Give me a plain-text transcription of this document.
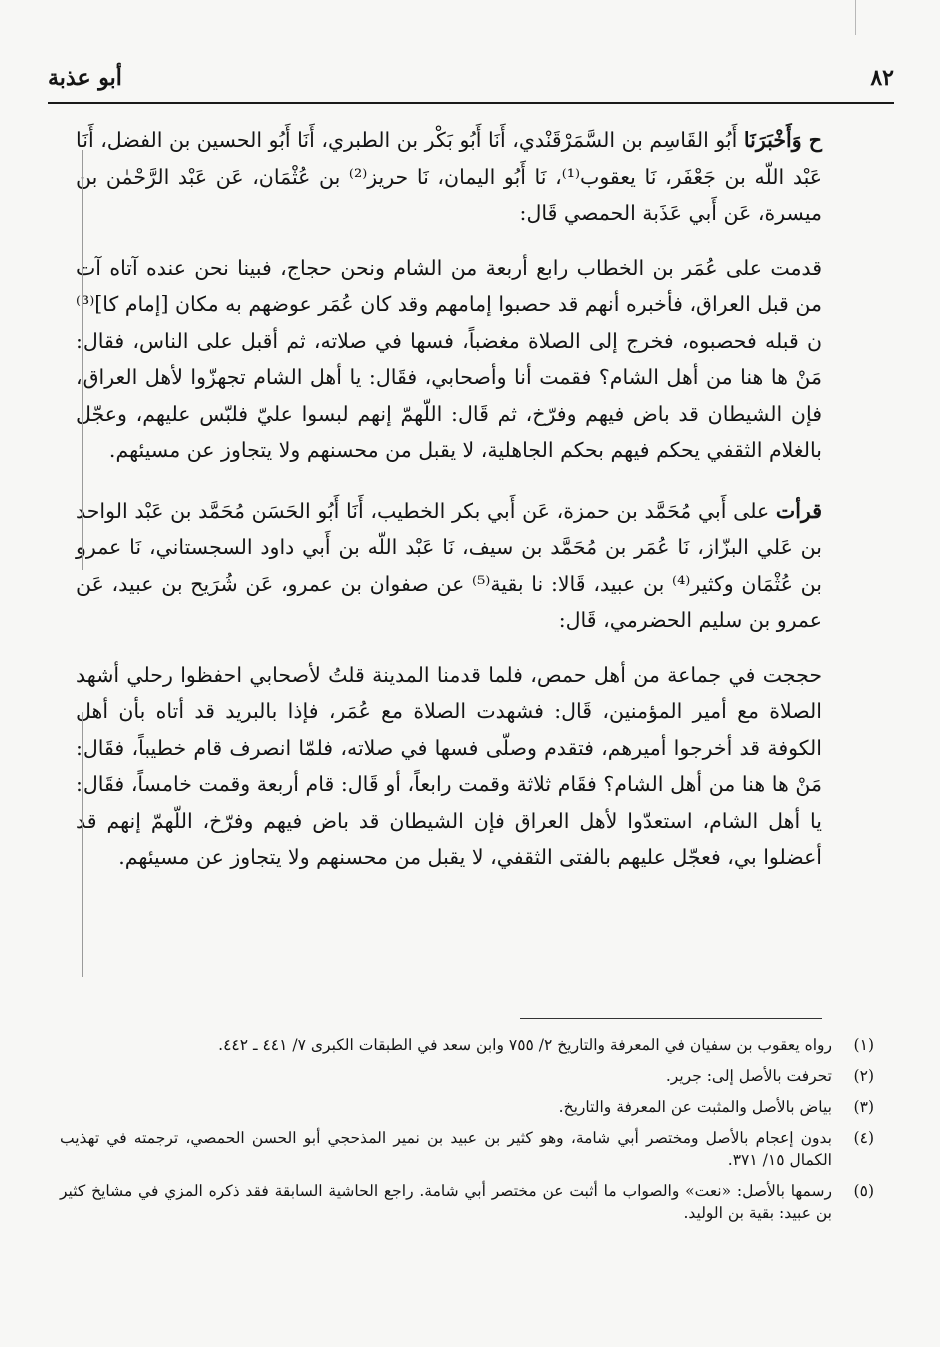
٨٢
أبو عذبة

ح وَأَخْبَرَنَا أَبُو القَاسِم بن السَّمَرْقَنْدي، أَنَا أَبُو بَكْر بن الطبري، أَنَا أَبُو الحسين بن الفضل، أَنَا عَبْد اللّه بن جَعْفَر، نَا يعقوب⁽¹⁾، نَا أَبُو اليمان، نَا حريز⁽²⁾ بن عُثْمَان، عَن عَبْد الرَّحْمٰن بن ميسرة، عَن أَبي عَذَبة الحمصي قَال:

قدمت على عُمَر بن الخطاب رابع أربعة من الشام ونحن حجاج، فبينا نحن عنده آتاه آت من قبل العراق، فأخبره أنهم قد حصبوا إمامهم وقد كان عُمَر عوضهم به مكان [إمام كا]⁽³⁾ن قبله فحصبوه، فخرج إلى الصلاة مغضباً، فسها في صلاته، ثم أقبل على الناس، فقال: مَنْ ها هنا من أهل الشام؟ فقمت أنا وأصحابي، فقَال: يا أهل الشام تجهزّوا لأهل العراق، فإن الشيطان قد باض فيهم وفرّخ، ثم قَال: اللّهمّ إنهم لبسوا عليّ فلبّس عليهم، وعجّل بالغلام الثقفي يحكم فيهم بحكم الجاهلية، لا يقبل من محسنهم ولا يتجاوز عن مسيئهم.

قرأت على أَبي مُحَمَّد بن حمزة، عَن أَبي بكر الخطيب، أَنَا أَبُو الحَسَن مُحَمَّد بن عَبْد الواحد بن عَلي البزّاز، نَا عُمَر بن مُحَمَّد بن سيف، نَا عَبْد اللّه بن أَبي داود السجستاني، نَا عمرو بن عُثْمَان وكثير⁽⁴⁾ بن عبيد، قَالا: نا بقية⁽⁵⁾ عن صفوان بن عمرو، عَن شُرَيح بن عبيد، عَن عمرو بن سليم الحضرمي، قَال:

حججت في جماعة من أهل حمص، فلما قدمنا المدينة قلتُ لأصحابي احفظوا رحلي أشهد الصلاة مع أمير المؤمنين، قَال: فشهدت الصلاة مع عُمَر، فإذا بالبريد قد أتاه بأن أهل الكوفة قد أخرجوا أميرهم، فتقدم وصلّى فسها في صلاته، فلمّا انصرف قام خطيباً، فقَال: مَنْ ها هنا من أهل الشام؟ فقَام ثلاثة وقمت رابعاً، أو قَال: قام أربعة وقمت خامساً، فقَال: يا أهل الشام، استعدّوا لأهل العراق فإن الشيطان قد باض فيهم وفرّخ، اللّهمّ إنهم قد أعضلوا بي، فعجّل عليهم بالفتى الثقفي، لا يقبل من محسنهم ولا يتجاوز عن مسيئهم.

(١)
رواه يعقوب بن سفيان في المعرفة والتاريخ ٢/ ٧٥٥ وابن سعد في الطبقات الكبرى ٧/ ٤٤١ ـ ٤٤٢.
(٢)
تحرفت بالأصل إلى: جرير.
(٣)
بياض بالأصل والمثبت عن المعرفة والتاريخ.
(٤)
بدون إعجام بالأصل ومختصر أبي شامة، وهو كثير بن عبيد بن نمير المذحجي أبو الحسن الحمصي، ترجمته في تهذيب الكمال ١٥/ ٣٧١.
(٥)
رسمها بالأصل: «نعت» والصواب ما أثبت عن مختصر أبي شامة. راجع الحاشية السابقة فقد ذكره المزي في مشايخ كثير بن عبيد: بقية بن الوليد.
